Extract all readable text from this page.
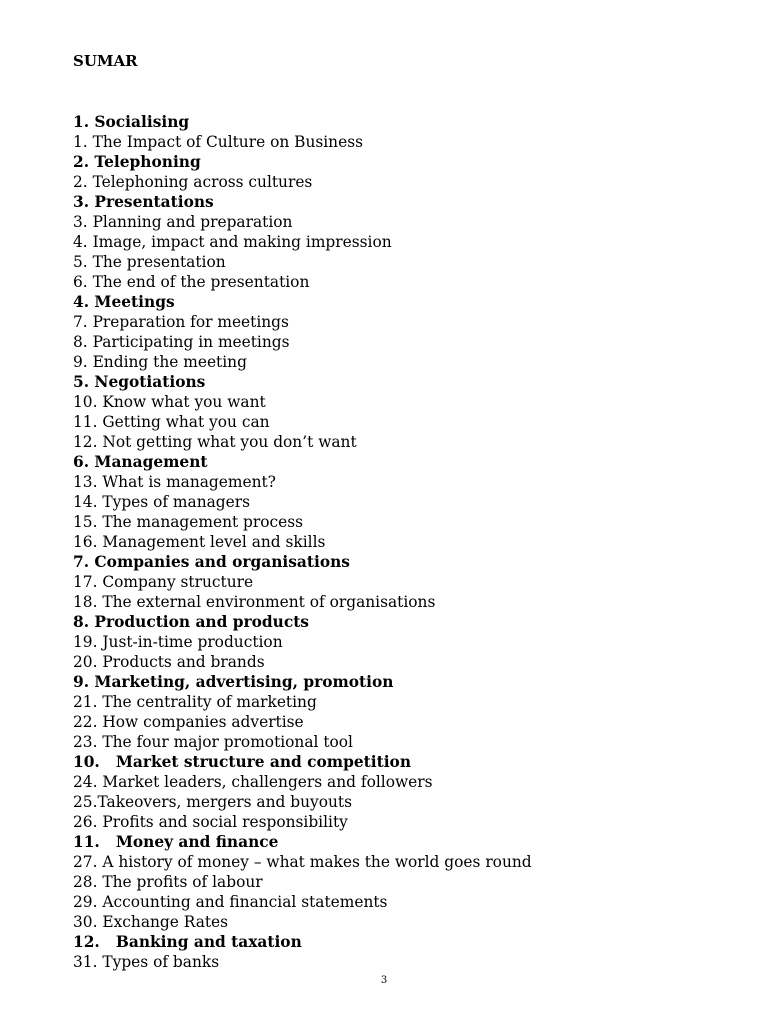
SUMAR
1. Socialising
1. The Impact of Culture on Business
2. Telephoning
2. Telephoning across cultures
3. Presentations
3. Planning and preparation
4. Image, impact and making impression
5. The presentation
6. The end of the presentation
4. Meetings
7. Preparation for meetings
8. Participating in meetings
9. Ending the meeting
5. Negotiations
10. Know what you want
11. Getting what you can
12. Not getting what you don’t want
6. Management
13. What is management?
14. Types of managers
15. The management process
16. Management level and skills
7. Companies and organisations
17. Company structure
18. The external environment of organisations
8. Production and products
19. Just-in-time production
20. Products and brands
9. Marketing, advertising, promotion
21. The centrality of marketing
22. How companies advertise
23. The four major promotional tool
10.   Market structure and competition
24. Market leaders, challengers and followers
25.Takeovers, mergers and buyouts
26. Profits and social responsibility
11.   Money and finance
27. A history of money – what makes the world goes round
28. The profits of labour
29. Accounting and financial statements
30. Exchange Rates
12.   Banking and taxation
31. Types of banks
3
